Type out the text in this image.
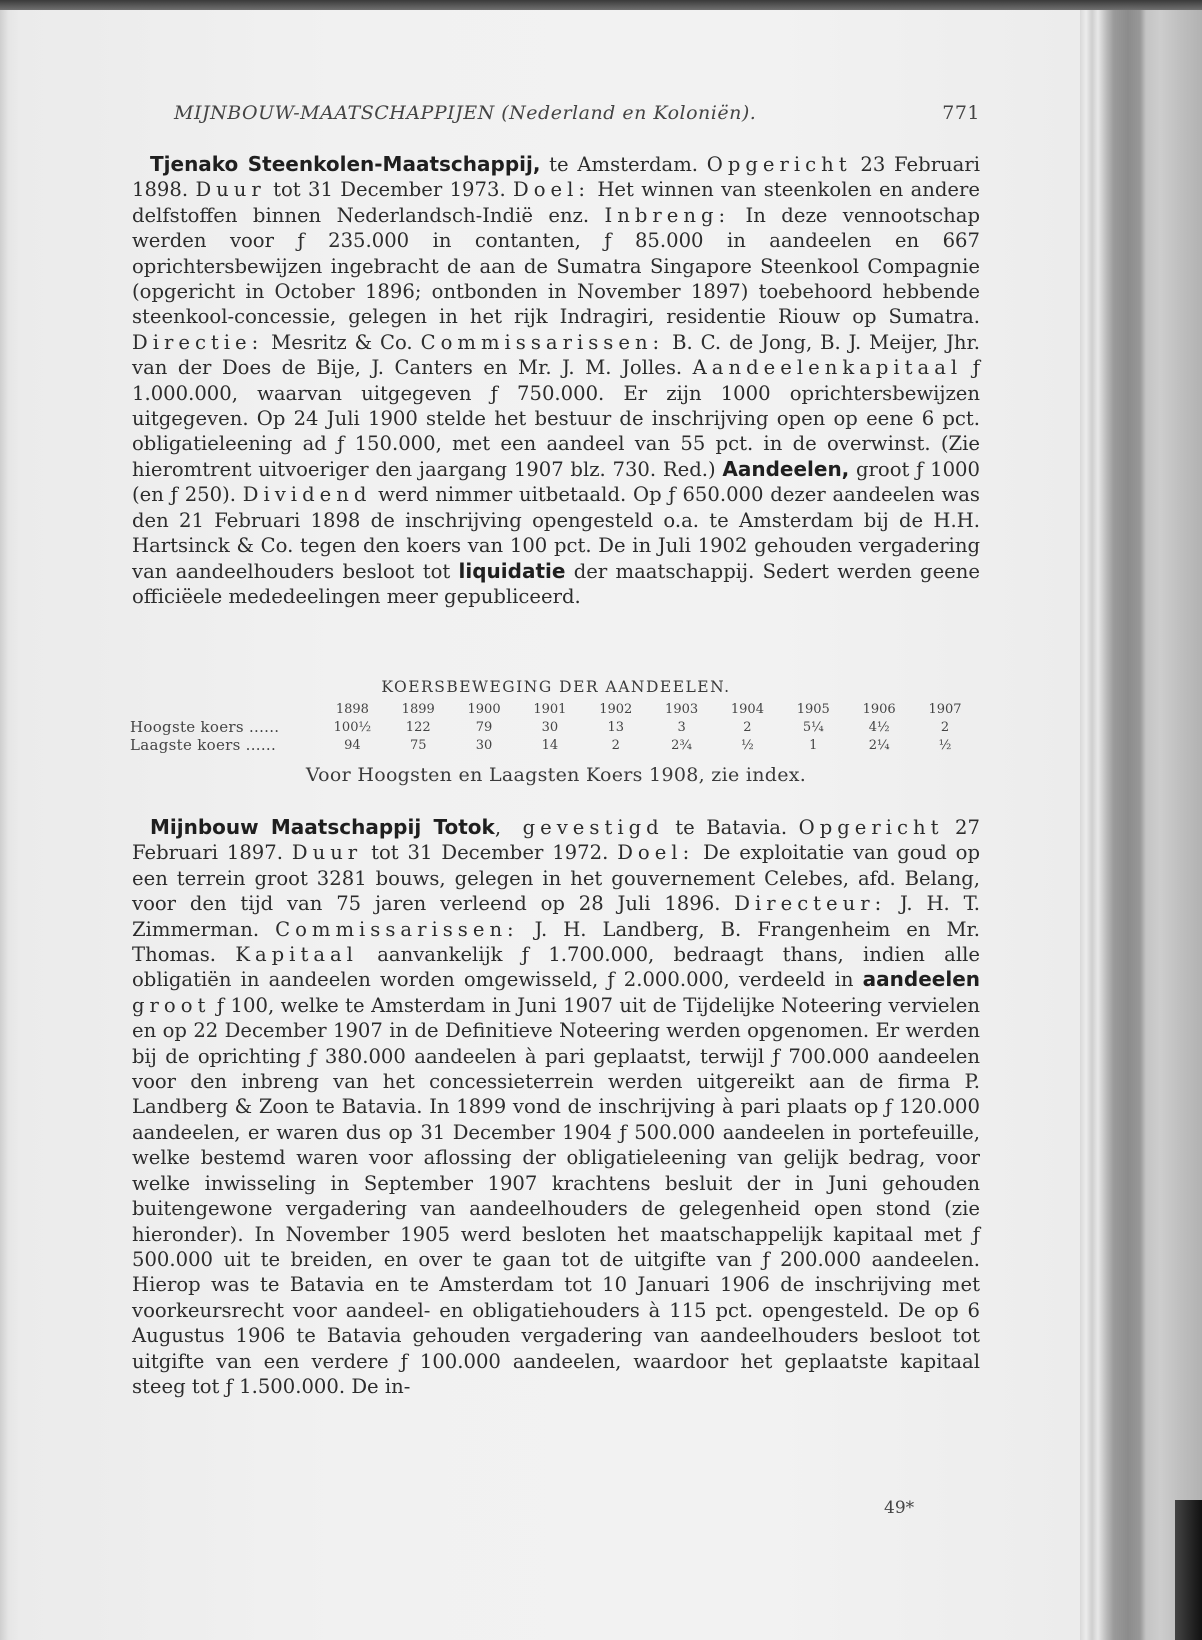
MIJNBOUW-MAATSCHAPPIJEN (Nederland en Koloniën).	771

Tjenako Steenkolen-Maatschappij, te Amsterdam. Opgericht 23 Februari 1898. Duur tot 31 December 1973. Doel: Het winnen van steenkolen en andere delfstoffen binnen Nederlandsch-Indië enz. Inbreng: In deze vennootschap werden voor ƒ 235.000 in contanten, ƒ 85.000 in aandeelen en 667 oprichtersbewijzen ingebracht de aan de Sumatra Singapore Steenkool Compagnie (opgericht in October 1896; ontbonden in November 1897) toebehoord hebbende steenkool-concessie, gelegen in het rijk Indragiri, residentie Riouw op Sumatra. Directie: Mesritz & Co. Commissarissen: B. C. de Jong, B. J. Meijer, Jhr. van der Does de Bije, J. Canters en Mr. J. M. Jolles. Aandeelenkapitaal ƒ 1.000.000, waarvan uitgegeven ƒ 750.000. Er zijn 1000 oprichtersbewijzen uitgegeven. Op 24 Juli 1900 stelde het bestuur de inschrijving open op eene 6 pct. obligatieleening ad ƒ 150.000, met een aandeel van 55 pct. in de overwinst. (Zie hieromtrent uitvoeriger den jaargang 1907 blz. 730. Red.) Aandeelen, groot ƒ 1000 (en ƒ 250). Dividend werd nimmer uitbetaald. Op ƒ 650.000 dezer aandeelen was den 21 Februari 1898 de inschrijving opengesteld o.a. te Amsterdam bij de H.H. Hartsinck & Co. tegen den koers van 100 pct. De in Juli 1902 gehouden vergadering van aandeelhouders besloot tot liquidatie der maatschappij. Sedert werden geene officiëele mededeelingen meer gepubliceerd.

KOERSBEWEGING DER AANDEELEN.
	1898	1899	1900	1901	1902	1903	1904	1905	1906	1907
Hoogste koers ......	100½	122	79	30	13	3	2	5¼	4½	2
Laagste koers ......	94	75	30	14	2	2¾	½	1	2¼	½
Voor Hoogsten en Laagsten Koers 1908, zie index.

Mijnbouw Maatschappij Totok, gevestigd te Batavia. Opgericht 27 Februari 1897. Duur tot 31 December 1972. Doel: De exploitatie van goud op een terrein groot 3281 bouws, gelegen in het gouvernement Celebes, afd. Belang, voor den tijd van 75 jaren verleend op 28 Juli 1896. Directeur: J. H. T. Zimmerman. Commissarissen: J. H. Landberg, B. Frangenheim en Mr. Thomas. Kapitaal aanvankelijk ƒ 1.700.000, bedraagt thans, indien alle obligatiën in aandeelen worden omgewisseld, ƒ 2.000.000, verdeeld in aandeelen groot ƒ 100, welke te Amsterdam in Juni 1907 uit de Tijdelijke Noteering vervielen en op 22 December 1907 in de Definitieve Noteering werden opgenomen. Er werden bij de oprichting ƒ 380.000 aandeelen à pari geplaatst, terwijl ƒ 700.000 aandeelen voor den inbreng van het concessieterrein werden uitgereikt aan de firma P. Landberg & Zoon te Batavia. In 1899 vond de inschrijving à pari plaats op ƒ 120.000 aandeelen, er waren dus op 31 December 1904 ƒ 500.000 aandeelen in portefeuille, welke bestemd waren voor aflossing der obligatieleening van gelijk bedrag, voor welke inwisseling in September 1907 krachtens besluit der in Juni gehouden buitengewone vergadering van aandeelhouders de gelegenheid open stond (zie hieronder). In November 1905 werd besloten het maatschappelijk kapitaal met ƒ 500.000 uit te breiden, en over te gaan tot de uitgifte van ƒ 200.000 aandeelen. Hierop was te Batavia en te Amsterdam tot 10 Januari 1906 de inschrijving met voorkeursrecht voor aandeel- en obligatiehouders à 115 pct. opengesteld. De op 6 Augustus 1906 te Batavia gehouden vergadering van aandeelhouders besloot tot uitgifte van een verdere ƒ 100.000 aandeelen, waardoor het geplaatste kapitaal steeg tot ƒ 1.500.000. De in-

49*
